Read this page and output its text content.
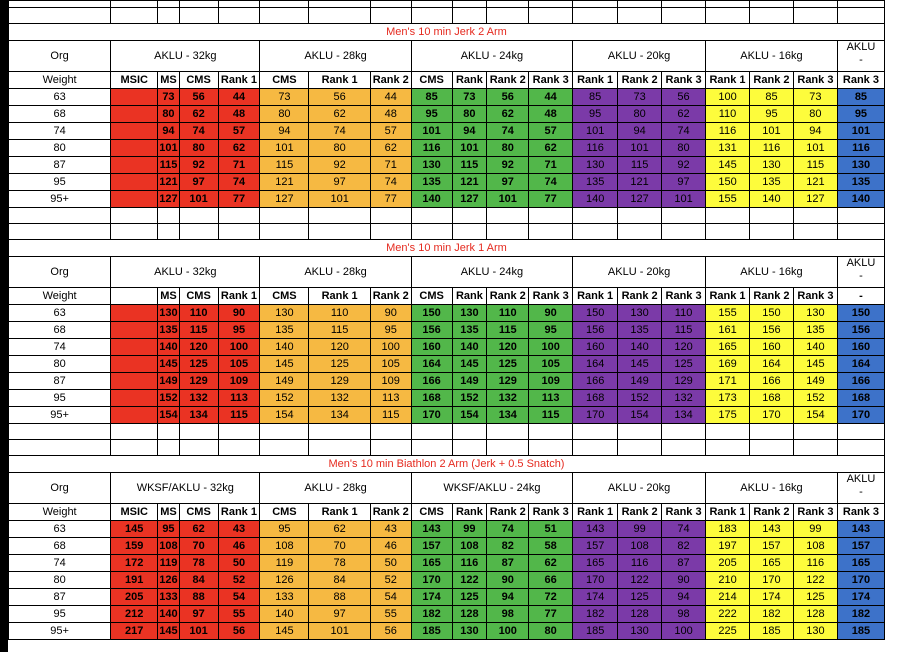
Men's 10 min Jerk 2 Arm																		
Org	AKLU - 32kg				AKLU - 28kg			AKLU - 24kg				AKLU - 20kg			AKLU - 16kg			AKLU
-
Weight	MSIC	MS	CMS	Rank 1	CMS	Rank 1	Rank 2	CMS	Rank	Rank 2	Rank 3	Rank 1	Rank 2	Rank 3	Rank 1	Rank 2	Rank 3	Rank 3
63		73	56	44	73	56	44	85	73	56	44	85	73	56	100	85	73	85
68		80	62	48	80	62	48	95	80	62	48	95	80	62	110	95	80	95
74		94	74	57	94	74	57	101	94	74	57	101	94	74	116	101	94	101
80		101	80	62	101	80	62	116	101	80	62	116	101	80	131	116	101	116
87		115	92	71	115	92	71	130	115	92	71	130	115	92	145	130	115	130
95		121	97	74	121	97	74	135	121	97	74	135	121	97	150	135	121	135
95+		127	101	77	127	101	77	140	127	101	77	140	127	101	155	140	127	140

Men's 10 min Jerk 1 Arm																		
Org	AKLU - 32kg				AKLU - 28kg			AKLU - 24kg				AKLU - 20kg			AKLU - 16kg			AKLU
-
Weight		MS	CMS	Rank 1	CMS	Rank 1	Rank 2	CMS	Rank	Rank 2	Rank 3	Rank 1	Rank 2	Rank 3	Rank 1	Rank 2	Rank 3	-
63		130	110	90	130	110	90	150	130	110	90	150	130	110	155	150	130	150
68		135	115	95	135	115	95	156	135	115	95	156	135	115	161	156	135	156
74		140	120	100	140	120	100	160	140	120	100	160	140	120	165	160	140	160
80		145	125	105	145	125	105	164	145	125	105	164	145	125	169	164	145	164
87		149	129	109	149	129	109	166	149	129	109	166	149	129	171	166	149	166
95		152	132	113	152	132	113	168	152	132	113	168	152	132	173	168	152	168
95+		154	134	115	154	134	115	170	154	134	115	170	154	134	175	170	154	170

Men's 10 min Biathlon 2 Arm (Jerk + 0.5 Snatch)																		
Org	WKSF/AKLU - 32kg				AKLU - 28kg			WKSF/AKLU - 24kg				AKLU - 20kg			AKLU - 16kg			AKLU
-
Weight	MSIC	MS	CMS	Rank 1	CMS	Rank 1	Rank 2	CMS	Rank	Rank 2	Rank 3	Rank 1	Rank 2	Rank 3	Rank 1	Rank 2	Rank 3	Rank 3
63	145	95	62	43	95	62	43	143	99	74	51	143	99	74	183	143	99	143
68	159	108	70	46	108	70	46	157	108	82	58	157	108	82	197	157	108	157
74	172	119	78	50	119	78	50	165	116	87	62	165	116	87	205	165	116	165
80	191	126	84	52	126	84	52	170	122	90	66	170	122	90	210	170	122	170
87	205	133	88	54	133	88	54	174	125	94	72	174	125	94	214	174	125	174
95	212	140	97	55	140	97	55	182	128	98	77	182	128	98	222	182	128	182
95+	217	145	101	56	145	101	56	185	130	100	80	185	130	100	225	185	130	185
